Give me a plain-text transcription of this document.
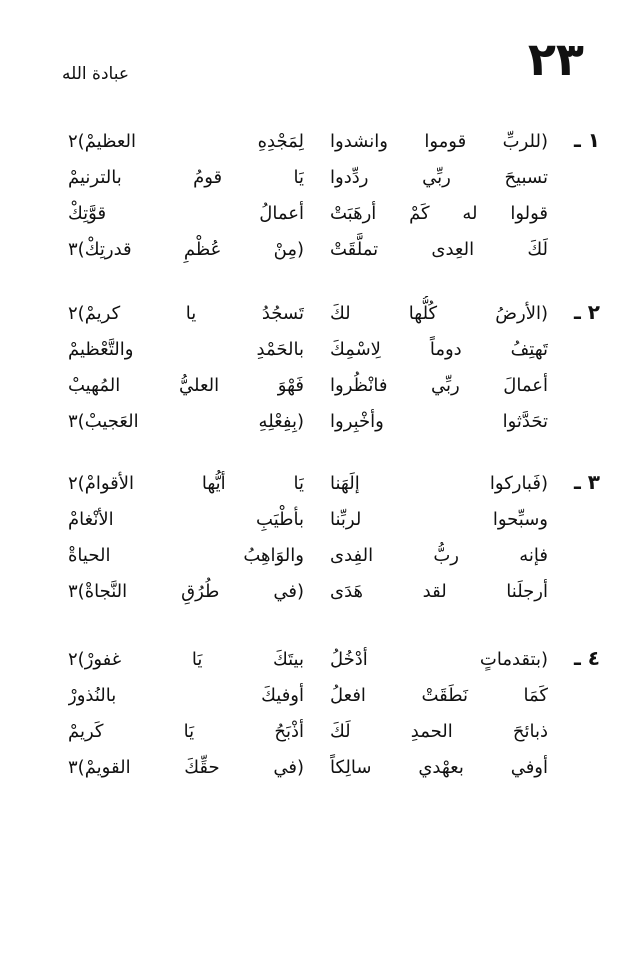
٢٣
عبادة الله
١ ـ
(للربِّ قوموا وانشدوا
لِمَجْدِهِ العظيمْ)٢
تسبيحَ ربِّي ردِّدوا
يَا قومُ بالترنيمْ
قولوا له كَمْ أرهَبَتْ
أعمالُ قوَّتِكْ
لَكَ العِدى تملَّقَتْ
(مِنْ عُظْمِ قدرتِكْ)٣
٢ ـ
(الأرضُ كُلُّها لكَ
تَسجُدُ يا كريمْ)٢
تَهتِفُ دوماً لِاسْمِكَ
بالحَمْدِ والتَّعْظيمْ
أعمالَ ربِّي فانْظُروا
فَهْوَ العليُّ المُهيبْ
تحَدَّثوا وأخْبِروا
(بِفِعْلِهِ العَجيبْ)٣
٣ ـ
(فَباركوا إلَهَنا
يَا أيُّها الأقوامْ)٢
وسبِّحوا لربِّنا
بأطْيَبِ الأنْغامْ
فإنه ربُّ الفِدى
والوَاهِبُ الحياةْ
أرجلَنا لقد هَدَى
(في طُرُقِ النَّجاةْ)٣
٤ ـ
(بتقدماتٍ أدْخُلُ
بيتَكَ يَا غفورْ)٢
كَمَا نَطَقَتْ افعلُ
أوفيكَ بالنُذورْ
ذبائحَ الحمدِ لَكَ
أذْبَحُ يَا كَريمْ
أوفي بعهْدي سالِكاً
(في حقِّكَ القويمْ)٣
